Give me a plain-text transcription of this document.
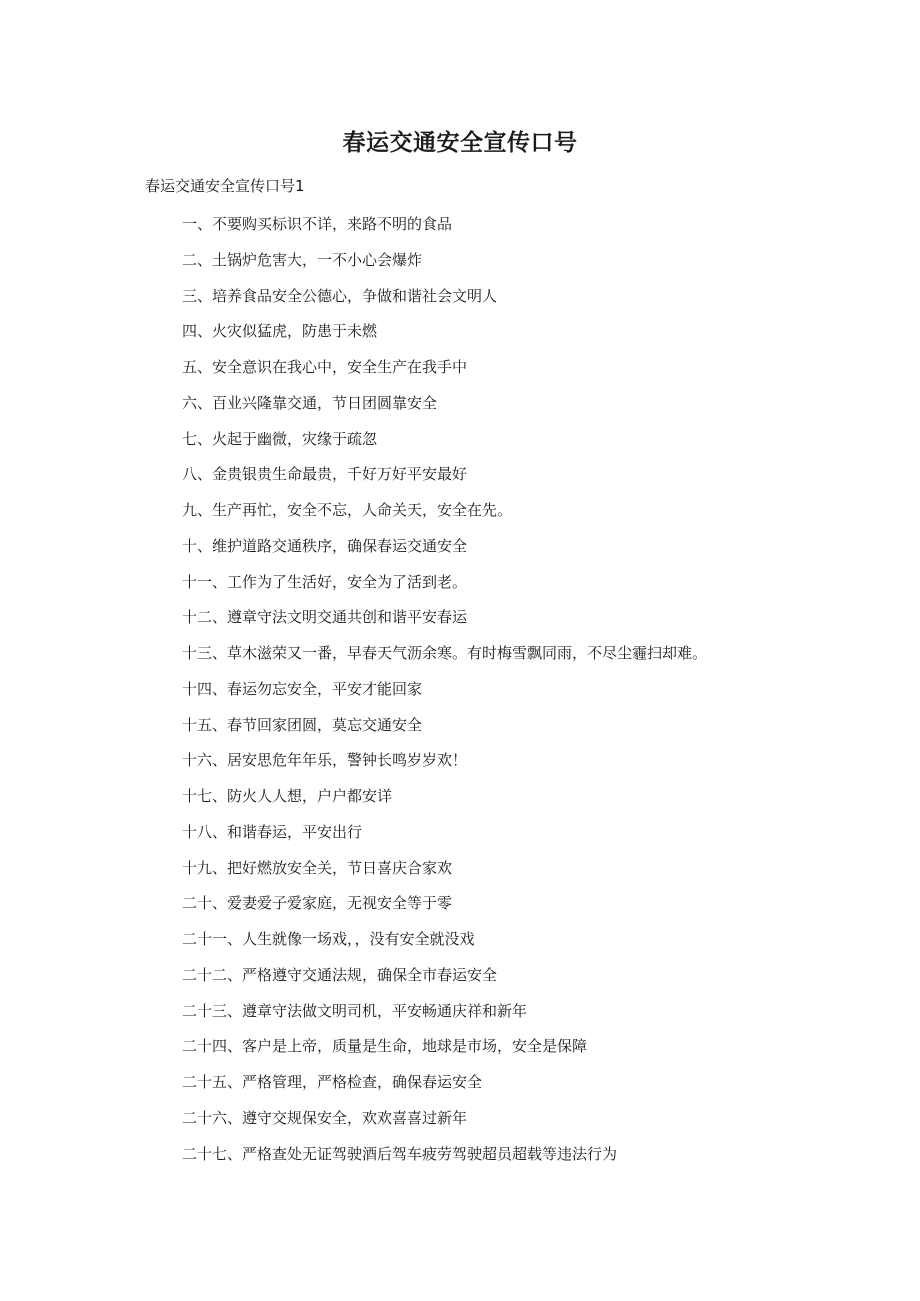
春运交通安全宣传口号

春运交通安全宣传口号1

一、不要购买标识不详，来路不明的食品
二、土锅炉危害大，一不小心会爆炸
三、培养食品安全公德心，争做和谐社会文明人
四、火灾似猛虎，防患于未燃
五、安全意识在我心中，安全生产在我手中
六、百业兴隆靠交通，节日团圆靠安全
七、火起于幽微，灾缘于疏忽
八、金贵银贵生命最贵，千好万好平安最好
九、生产再忙，安全不忘，人命关天，安全在先。
十、维护道路交通秩序，确保春运交通安全
十一、工作为了生活好，安全为了活到老。
十二、遵章守法文明交通共创和谐平安春运
十三、草木滋荣又一番，早春天气沥余寒。有时梅雪飘同雨，不尽尘霾扫却难。
十四、春运勿忘安全，平安才能回家
十五、春节回家团圆，莫忘交通安全
十六、居安思危年年乐，警钟长鸣岁岁欢！
十七、防火人人想，户户都安详
十八、和谐春运，平安出行
十九、把好燃放安全关，节日喜庆合家欢
二十、爱妻爱子爱家庭，无视安全等于零
二十一、人生就像一场戏，，没有安全就没戏
二十二、严格遵守交通法规，确保全市春运安全
二十三、遵章守法做文明司机，平安畅通庆祥和新年
二十四、客户是上帝，质量是生命，地球是市场，安全是保障
二十五、严格管理，严格检查，确保春运安全
二十六、遵守交规保安全，欢欢喜喜过新年
二十七、严格查处无证驾驶酒后驾车疲劳驾驶超员超载等违法行为
